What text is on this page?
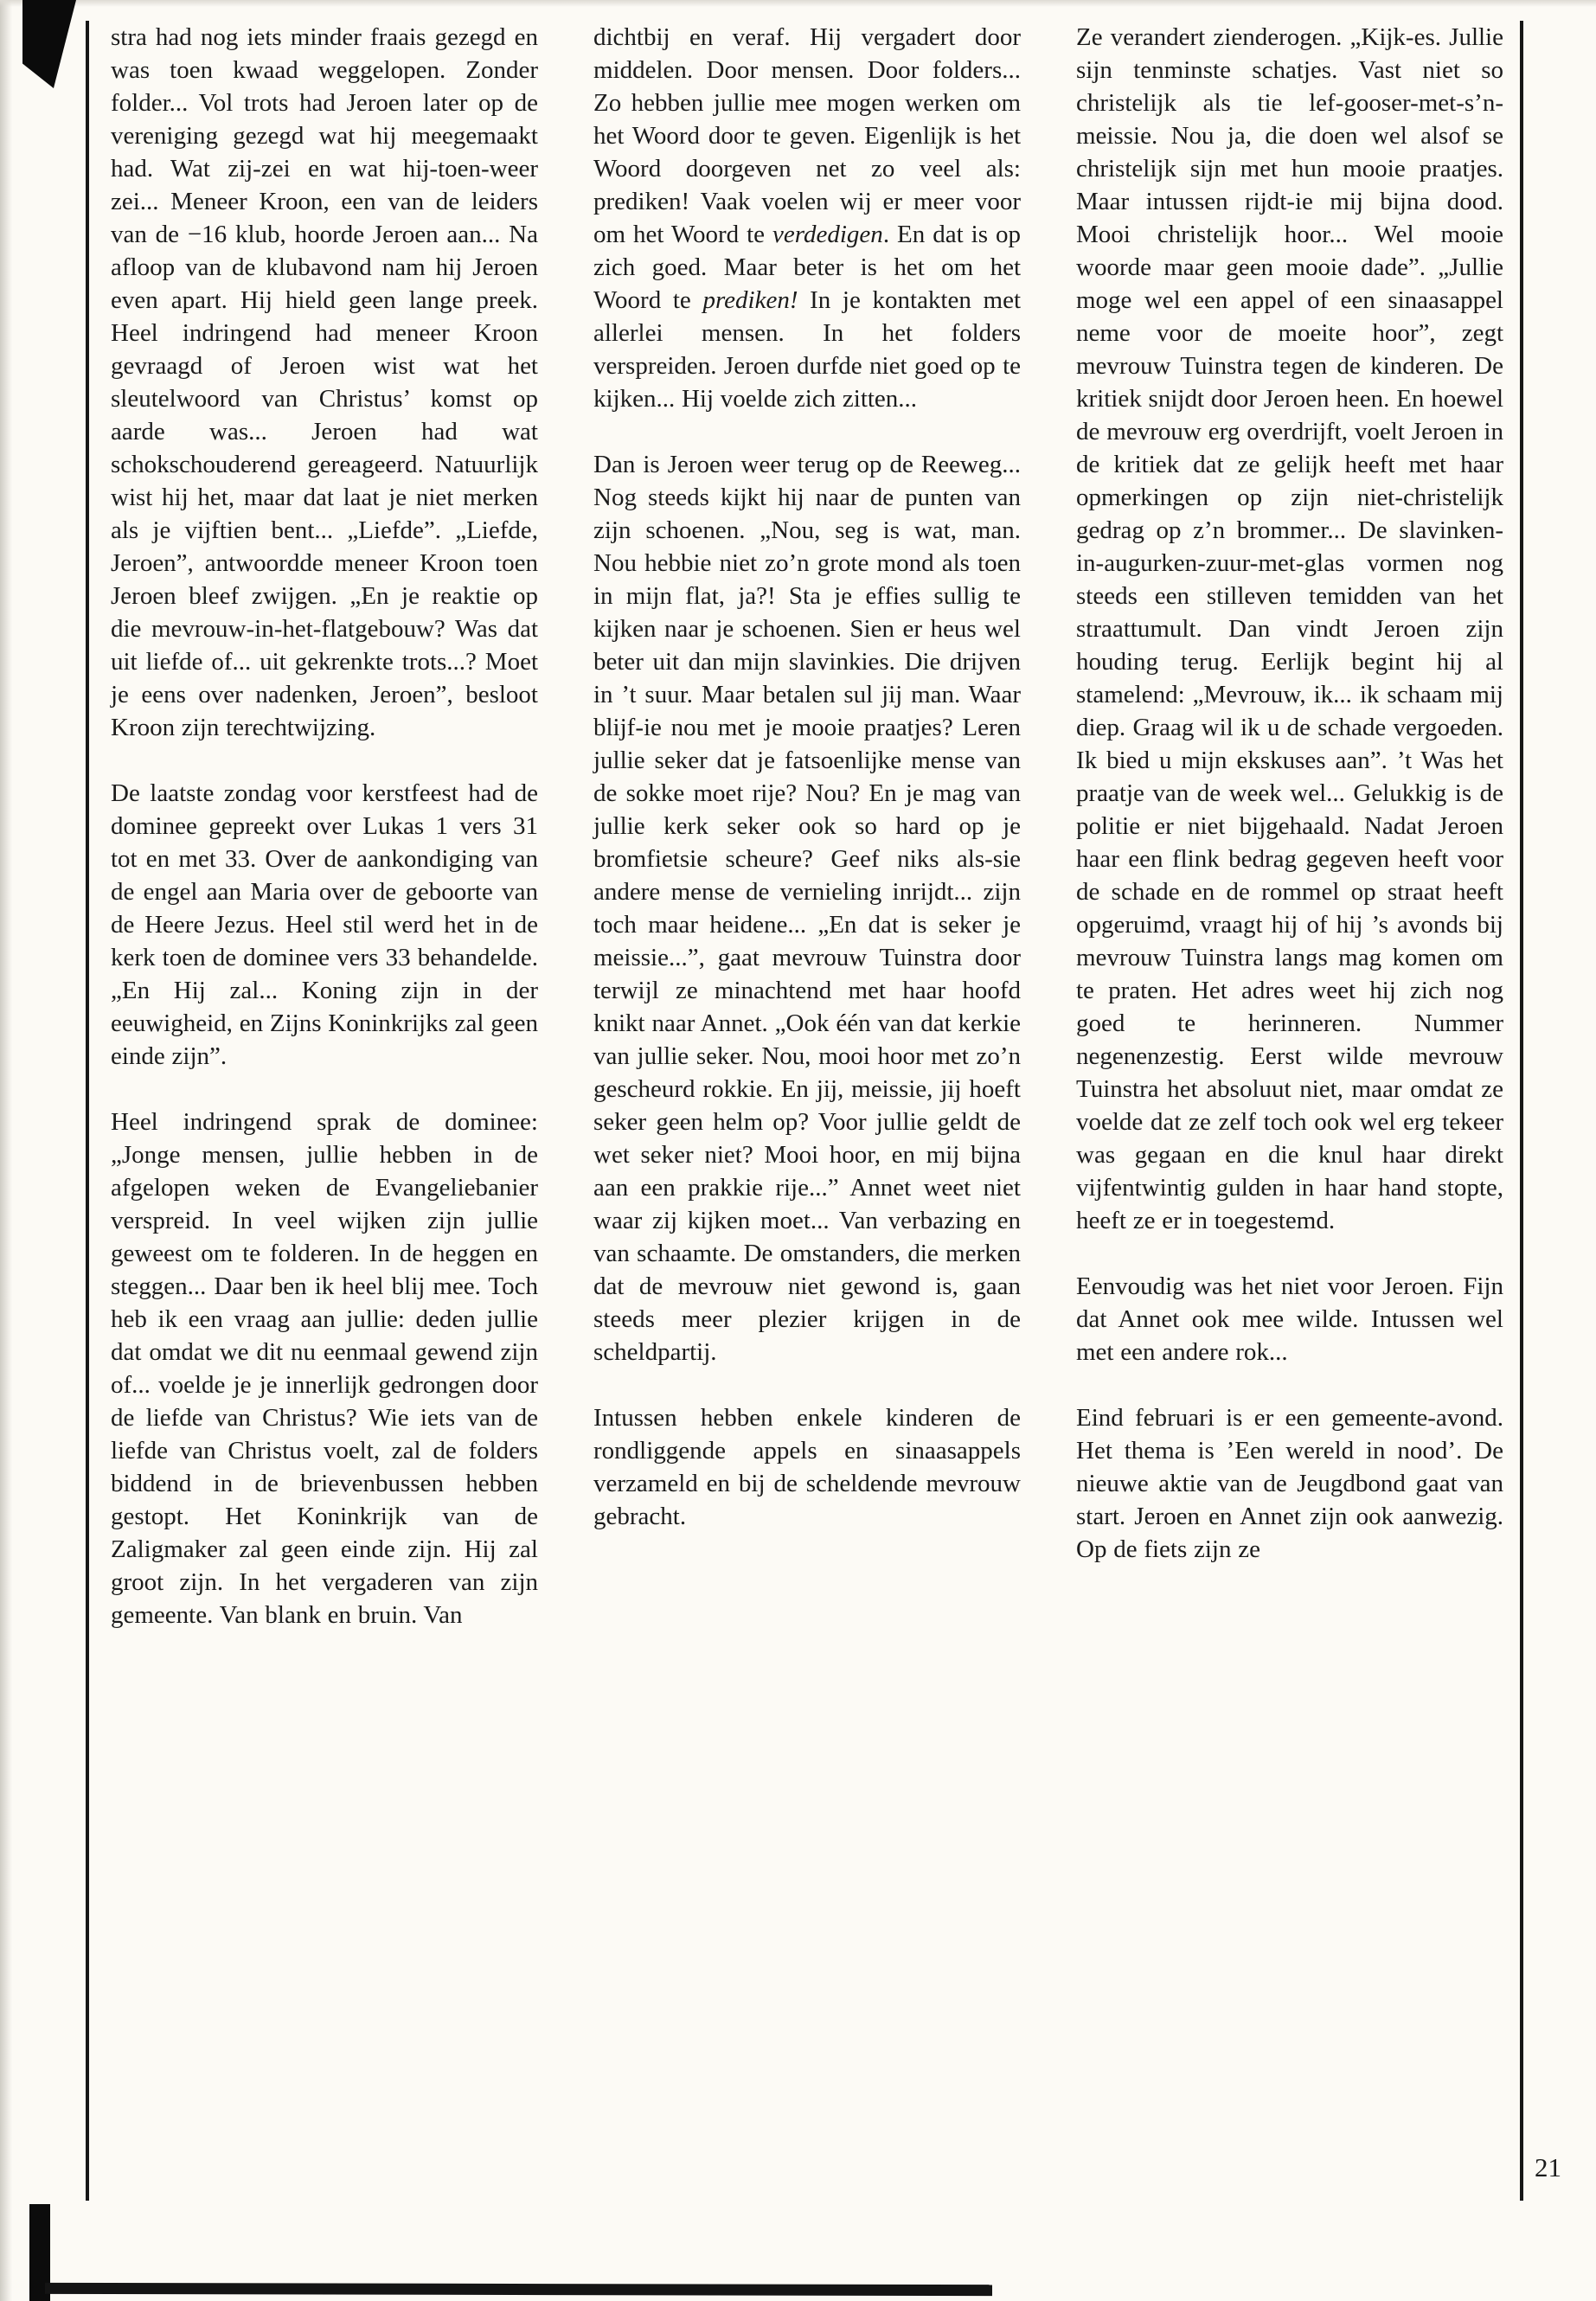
stra had nog iets minder fraais gezegd en was toen kwaad weggelopen. Zonder folder... Vol trots had Jeroen later op de vereniging gezegd wat hij meegemaakt had. Wat zij-zei en wat hij-toen-weer zei... Meneer Kroon, een van de leiders van de −16 klub, hoorde Jeroen aan... Na afloop van de klubavond nam hij Jeroen even apart. Hij hield geen lange preek. Heel indringend had meneer Kroon gevraagd of Jeroen wist wat het sleutelwoord van Christus’ komst op aarde was... Jeroen had wat schokschouderend gereageerd. Natuurlijk wist hij het, maar dat laat je niet merken als je vijftien bent... „Liefde”. „Liefde, Jeroen”, antwoordde meneer Kroon toen Jeroen bleef zwijgen. „En je reaktie op die mevrouw-in-het-flatgebouw? Was dat uit liefde of... uit gekrenkte trots...? Moet je eens over nadenken, Jeroen”, besloot Kroon zijn terechtwijzing.

De laatste zondag voor kerstfeest had de dominee gepreekt over Lukas 1 vers 31 tot en met 33. Over de aankondiging van de engel aan Maria over de geboorte van de Heere Jezus. Heel stil werd het in de kerk toen de dominee vers 33 behandelde. „En Hij zal... Koning zijn in der eeuwigheid, en Zijns Koninkrijks zal geen einde zijn”.

Heel indringend sprak de dominee: „Jonge mensen, jullie hebben in de afgelopen weken de Evangeliebanier verspreid. In veel wijken zijn jullie geweest om te folderen. In de heggen en steggen... Daar ben ik heel blij mee. Toch heb ik een vraag aan jullie: deden jullie dat omdat we dit nu eenmaal gewend zijn of... voelde je je innerlijk gedrongen door de liefde van Christus? Wie iets van de liefde van Christus voelt, zal de folders biddend in de brievenbussen hebben gestopt. Het Koninkrijk van de Zaligmaker zal geen einde zijn. Hij zal groot zijn. In het vergaderen van zijn gemeente. Van blank en bruin. Van

dichtbij en veraf. Hij vergadert door middelen. Door mensen. Door folders... Zo hebben jullie mee mogen werken om het Woord door te geven. Eigenlijk is het Woord doorgeven net zo veel als: prediken! Vaak voelen wij er meer voor om het Woord te verdedigen. En dat is op zich goed. Maar beter is het om het Woord te prediken! In je kontakten met allerlei mensen. In het folders verspreiden. Jeroen durfde niet goed op te kijken... Hij voelde zich zitten...

Dan is Jeroen weer terug op de Reeweg... Nog steeds kijkt hij naar de punten van zijn schoenen. „Nou, seg is wat, man. Nou hebbie niet zo’n grote mond als toen in mijn flat, ja?! Sta je effies sullig te kijken naar je schoenen. Sien er heus wel beter uit dan mijn slavinkies. Die drijven in ’t suur. Maar betalen sul jij man. Waar blijf-ie nou met je mooie praatjes? Leren jullie seker dat je fatsoenlijke mense van de sokke moet rije? Nou? En je mag van jullie kerk seker ook so hard op je bromfietsie scheure? Geef niks als-sie andere mense de vernieling inrijdt... zijn toch maar heidene... „En dat is seker je meissie...”, gaat mevrouw Tuinstra door terwijl ze minachtend met haar hoofd knikt naar Annet. „Ook één van dat kerkie van jullie seker. Nou, mooi hoor met zo’n gescheurd rokkie. En jij, meissie, jij hoeft seker geen helm op? Voor jullie geldt de wet seker niet? Mooi hoor, en mij bijna aan een prakkie rije...” Annet weet niet waar zij kijken moet... Van verbazing en van schaamte. De omstanders, die merken dat de mevrouw niet gewond is, gaan steeds meer plezier krijgen in de scheldpartij.

Intussen hebben enkele kinderen de rondliggende appels en sinaasappels verzameld en bij de scheldende mevrouw gebracht.

Ze verandert zienderogen. „Kijk-es. Jullie sijn tenminste schatjes. Vast niet so christelijk als tie lef-gooser-met-s’n-meissie. Nou ja, die doen wel alsof se christelijk sijn met hun mooie praatjes. Maar intussen rijdt-ie mij bijna dood. Mooi christelijk hoor... Wel mooie woorde maar geen mooie dade”. „Jullie moge wel een appel of een sinaasappel neme voor de moeite hoor”, zegt mevrouw Tuinstra tegen de kinderen. De kritiek snijdt door Jeroen heen. En hoewel de mevrouw erg overdrijft, voelt Jeroen in de kritiek dat ze gelijk heeft met haar opmerkingen op zijn niet-christelijk gedrag op z’n brommer... De slavinken-in-augurken-zuur-met-glas vormen nog steeds een stilleven temidden van het straattumult. Dan vindt Jeroen zijn houding terug. Eerlijk begint hij al stamelend: „Mevrouw, ik... ik schaam mij diep. Graag wil ik u de schade vergoeden. Ik bied u mijn ekskuses aan”. ’t Was het praatje van de week wel... Gelukkig is de politie er niet bijgehaald. Nadat Jeroen haar een flink bedrag gegeven heeft voor de schade en de rommel op straat heeft opgeruimd, vraagt hij of hij ’s avonds bij mevrouw Tuinstra langs mag komen om te praten. Het adres weet hij zich nog goed te herinneren. Nummer negenenzestig. Eerst wilde mevrouw Tuinstra het absoluut niet, maar omdat ze voelde dat ze zelf toch ook wel erg tekeer was gegaan en die knul haar direkt vijfentwintig gulden in haar hand stopte, heeft ze er in toegestemd.

Eenvoudig was het niet voor Jeroen. Fijn dat Annet ook mee wilde. Intussen wel met een andere rok...

Eind februari is er een gemeente-avond. Het thema is ’Een wereld in nood’. De nieuwe aktie van de Jeugdbond gaat van start. Jeroen en Annet zijn ook aanwezig. Op de fiets zijn ze

21
